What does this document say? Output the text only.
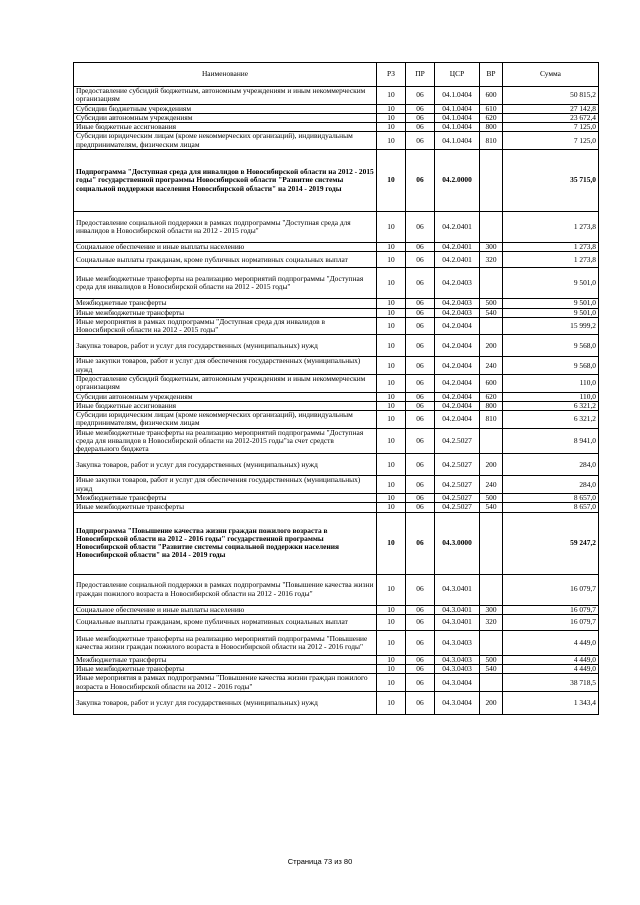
Наименование	РЗ	ПР	ЦСР	ВР	Сумма
Предоставление субсидий бюджетным, автономным учреждениям и иным некоммерческим организациям	10	06	04.1.0404	600	50 815,2
Субсидии бюджетным учреждениям	10	06	04.1.0404	610	27 142,8
Субсидии автономным учреждениям	10	06	04.1.0404	620	23 672,4
Иные бюджетные ассигнования	10	06	04.1.0404	800	7 125,0
Субсидии юридическим лицам (кроме некоммерческих организаций), индивидуальным предпринимателям, физическим лицам	10	06	04.1.0404	810	7 125,0
Подпрограмма "Доступная среда для инвалидов в Новосибирской области на 2012 - 2015 годы" государственной программы Новосибирской области "Развитие системы социальной поддержки населения Новосибирской области" на 2014 - 2019 годы	10	06	04.2.0000		35 715,0
Предоставление социальной поддержки в рамках подпрограммы "Доступная среда для инвалидов в Новосибирской области на 2012 - 2015 годы"	10	06	04.2.0401		1 273,8
Социальное обеспечение и иные выплаты населению	10	06	04.2.0401	300	1 273,8
Социальные выплаты гражданам, кроме публичных нормативных социальных выплат	10	06	04.2.0401	320	1 273,8
Иные межбюджетные трансферты на реализацию мероприятий подпрограммы "Доступная среда для инвалидов в Новосибирской области на 2012 - 2015 годы"	10	06	04.2.0403		9 501,0
Межбюджетные трансферты	10	06	04.2.0403	500	9 501,0
Иные межбюджетные трансферты	10	06	04.2.0403	540	9 501,0
Иные мероприятия в рамках подпрограммы "Доступная среда для инвалидов в Новосибирской области на 2012 - 2015 годы"	10	06	04.2.0404		15 999,2
Закупка товаров, работ и услуг для государственных (муниципальных) нужд	10	06	04.2.0404	200	9 568,0
Иные закупки товаров, работ и услуг для обеспечения государственных (муниципальных) нужд	10	06	04.2.0404	240	9 568,0
Предоставление субсидий бюджетным, автономным учреждениям и иным некоммерческим организациям	10	06	04.2.0404	600	110,0
Субсидии автономным учреждениям	10	06	04.2.0404	620	110,0
Иные бюджетные ассигнования	10	06	04.2.0404	800	6 321,2
Субсидии юридическим лицам (кроме некоммерческих организаций), индивидуальным предпринимателям, физическим лицам	10	06	04.2.0404	810	6 321,2
Иные межбюджетные трансферты на реализацию мероприятий подпрограммы "Доступная среда для инвалидов в Новосибирской области на 2012-2015 годы"за счет средств федерального бюджета	10	06	04.2.5027		8 941,0
Закупка товаров, работ и услуг для государственных (муниципальных) нужд	10	06	04.2.5027	200	284,0
Иные закупки товаров, работ и услуг для обеспечения государственных (муниципальных) нужд	10	06	04.2.5027	240	284,0
Межбюджетные трансферты	10	06	04.2.5027	500	8 657,0
Иные межбюджетные трансферты	10	06	04.2.5027	540	8 657,0
Подпрограмма "Повышение качества жизни граждан пожилого возраста в Новосибирской области на 2012 - 2016 годы" государственной программы Новосибирской области "Развитие системы социальной поддержки населения Новосибирской области" на 2014 - 2019 годы	10	06	04.3.0000		59 247,2
Предоставление социальной поддержки в рамках подпрограммы "Повышение качества жизни граждан пожилого возраста в Новосибирской области на 2012 - 2016 годы"	10	06	04.3.0401		16 079,7
Социальное обеспечение и иные выплаты населению	10	06	04.3.0401	300	16 079,7
Социальные выплаты гражданам, кроме публичных нормативных социальных выплат	10	06	04.3.0401	320	16 079,7
Иные межбюджетные трансферты на реализацию мероприятий подпрограммы "Повышение качества жизни граждан пожилого возраста в Новосибирской области на 2012 - 2016 годы"	10	06	04.3.0403		4 449,0
Межбюджетные трансферты	10	06	04.3.0403	500	4 449,0
Иные межбюджетные трансферты	10	06	04.3.0403	540	4 449,0
Иные мероприятия в рамках подпрограммы "Повышение качества жизни граждан пожилого возраста в Новосибирской области на 2012 - 2016 годы"	10	06	04.3.0404		38 718,5
Закупка товаров, работ и услуг для государственных (муниципальных) нужд	10	06	04.3.0404	200	1 343,4
Страница 73 из 80
